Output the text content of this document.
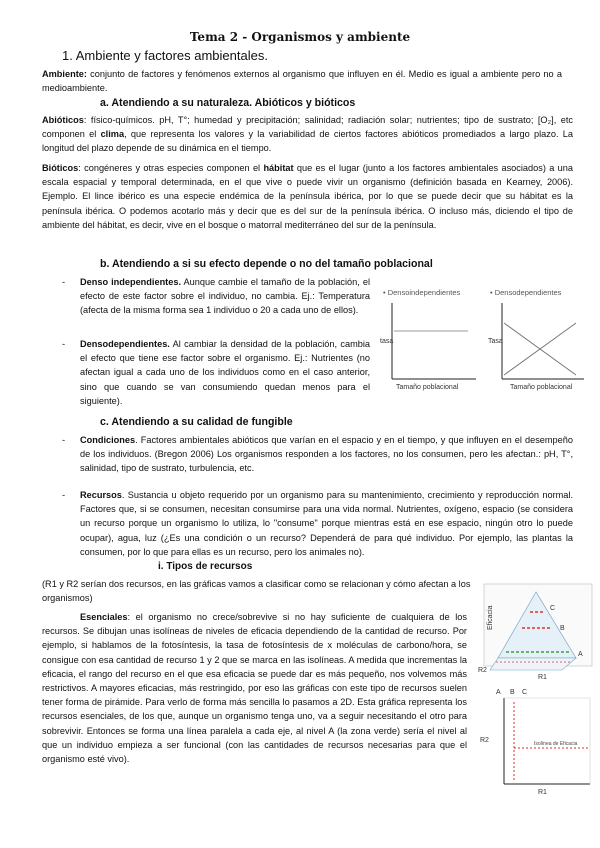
Tema 2 - Organismos y ambiente
1. Ambiente y factores ambientales.

Ambiente: conjunto de factores y fenómenos externos al organismo que influyen en él. Medio es igual a ambiente pero no a medioambiente.

a. Atendiendo a su naturaleza. Abióticos y bióticos

Abióticos: físico-químicos. pH, T°; humedad y precipitación; salinidad; radiación solar; nutrientes; tipo de sustrato; [O₂], etc componen el clima, que representa los valores y la variabilidad de ciertos factores abióticos promediados a largo plazo. La longitud del plazo depende de su dinámica en el tiempo.

Bióticos: congéneres y otras especies componen el hábitat que es el lugar (junto a los factores ambientales asociados) a una escala espacial y temporal determinada, en el que vive o puede vivir un organismo (definición basada en Kearney, 2006). Ejemplo. El lince ibérico es una especie endémica de la península ibérica, por lo que se puede decir que su hábitat es la península ibérica. O podemos acotarlo más y decir que es del sur de la península ibérica. O incluso más, diciendo el tipo de ambiente del hábitat, es decir, vive en el bosque o matorral mediterráneo del sur de la península.

b. Atendiendo a si su efecto depende o no del tamaño poblacional
- Denso independientes. Aunque cambie el tamaño de la población, el efecto de este factor sobre el individuo, no cambia. Ej.: Temperatura (afecta de la misma forma sea 1 individuo o 20 a cada uno de ellos).

- Densodependientes. Al cambiar la densidad de la población, cambia el efecto que tiene ese factor sobre el organismo. Ej.: Nutrientes (no afectan igual a cada uno de los individuos como en el caso anterior, sino que cuando se van consumiendo quedan menos para el siguiente).

• Densoindependientes	• Densodependientes
tasa
Tamaño poblacional
Tasa
Tamaño poblacional
c. Atendiendo a su calidad de fungible
- Condiciones. Factores ambientales abióticos que varían en el espacio y en el tiempo, y que influyen en el desempeño de los individuos. (Bregon 2006) Los organismos responden a los factores, no los consumen, pero les afectan.: pH, T°, salinidad, tipo de sustrato, turbulencia, etc.

- Recursos. Sustancia u objeto requerido por un organismo para su mantenimiento, crecimiento y reproducción normal. Factores que, si se consumen, necesitan consumirse para una vida normal. Nutrientes, oxígeno, espacio (se considera un recurso porque un organismo lo utiliza, lo "consume" porque mientras está en ese espacio, ningún otro lo puede ocupar), agua, luz (¿Es una condición o un recurso? Dependerá de para qué individuo. Por ejemplo, las plantas la consumen, por lo que para ellas es un recurso, pero los animales no).

i. Tipos de recursos

(R1 y R2 serían dos recursos, en las gráficas vamos a clasificar como se relacionan y cómo afectan a los organismos)

Esenciales: el organismo no crece/sobrevive si no hay suficiente de cualquiera de los recursos. Se dibujan unas isolíneas de niveles de eficacia dependiendo de la cantidad de recurso. Por ejemplo, si hablamos de la fotosíntesis, la tasa de fotosíntesis de x moléculas de carbono/hora, se consigue con esa cantidad de recurso 1 y 2 que se marca en las isolíneas. A medida que incrementas la eficacia, el rango del recurso en el que esa eficacia se puede dar es más pequeño, nos volvemos más restrictivos. A mayores eficacias, más restringido, por eso las gráficas con este tipo de recursos suelen tener forma de pirámide. Para verlo de forma más sencilla lo pasamos a 2D. Esta gráfica representa los recursos esenciales, de los que, aunque un organismo tenga uno, va a seguir necesitando el otro para sobrevivir. Entonces se forma una línea paralela a cada eje, al nivel A (la zona verde) sería el nivel al que un individuo empieza a ser funcional (con las cantidades de recursos necesarias para que el organismo esté vivo).

Eficacia
A
B
C
R2
R1
A B C
R2
R1
Isolínea de Eficacia
